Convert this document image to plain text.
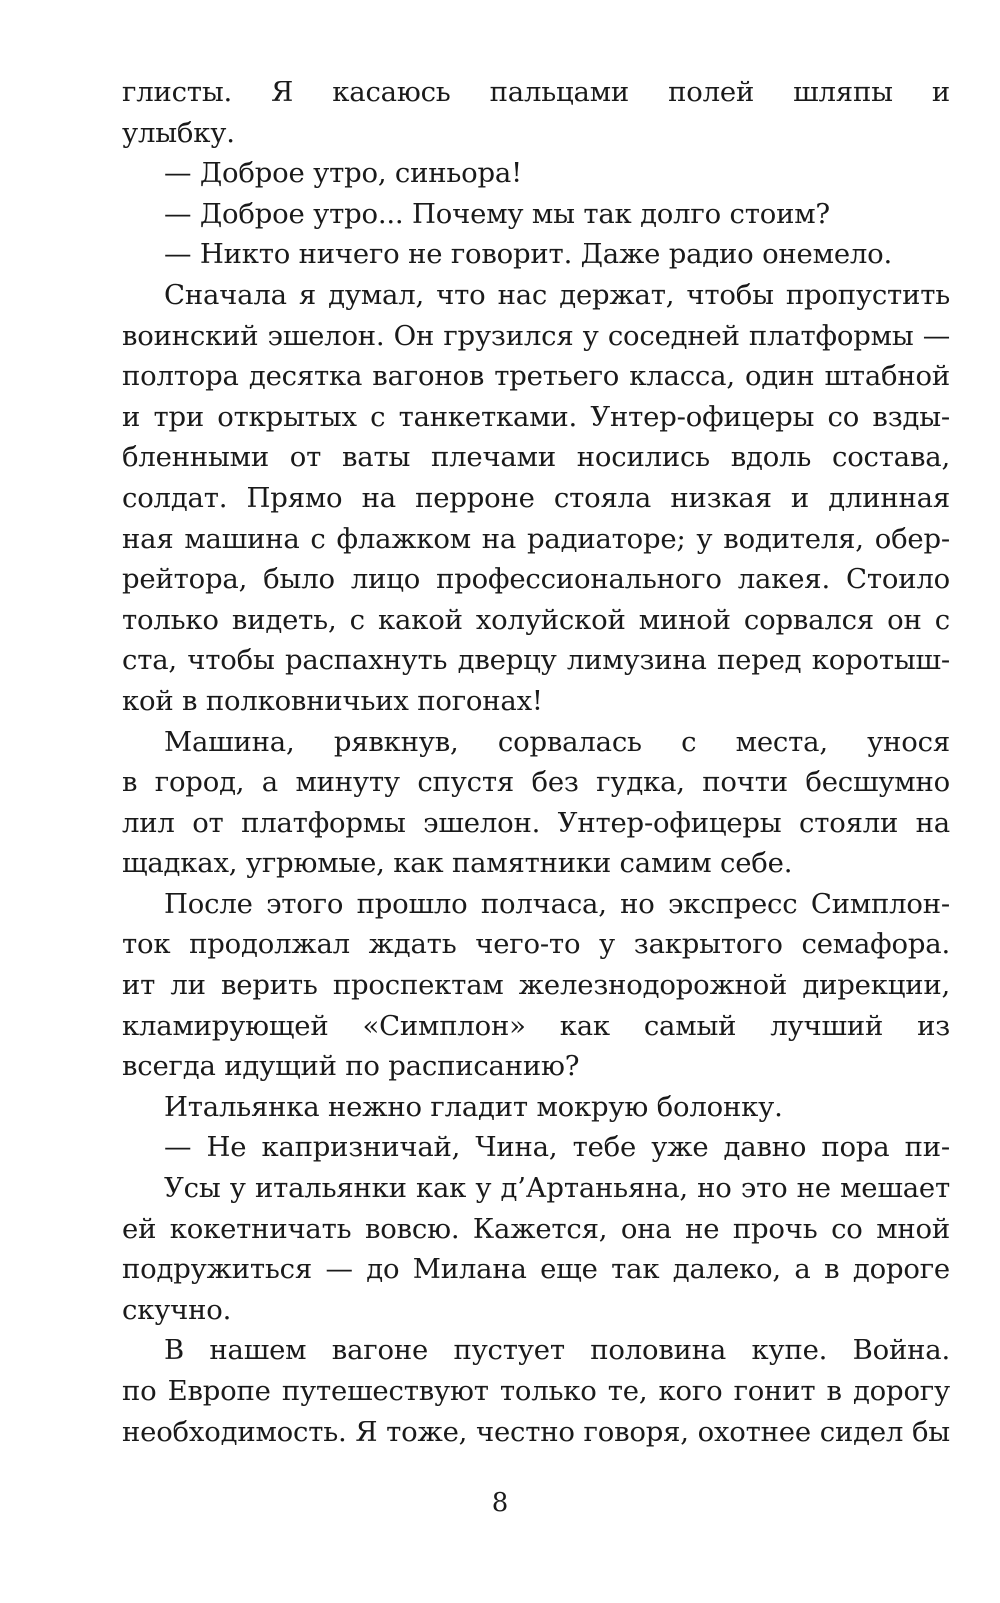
глисты. Я касаюсь пальцами полей шляпы и
улыбку.
— Доброе утро, синьора!
— Доброе утро... Почему мы так долго стоим?
— Никто ничего не говорит. Даже радио онемело.
Сначала я думал, что нас держат, чтобы пропустить
воинский эшелон. Он грузился у соседней платформы —
полтора десятка вагонов третьего класса, один штабной
и три открытых с танкетками. Унтер-офицеры со взды-
бленными от ваты плечами носились вдоль состава,
солдат. Прямо на перроне стояла низкая и длинная
ная машина с флажком на радиаторе; у водителя, обер-
рейтора, было лицо профессионального лакея. Стоило
только видеть, с какой холуйской миной сорвался он с
ста, чтобы распахнуть дверцу лимузина перед коротыш-
кой в полковничьих погонах!
Машина, рявкнув, сорвалась с места, унося
в город, а минуту спустя без гудка, почти бесшумно
лил от платформы эшелон. Унтер-офицеры стояли на
щадках, угрюмые, как памятники самим себе.
После этого прошло полчаса, но экспресс Симплон-
ток продолжал ждать чего-то у закрытого семафора.
ит ли верить проспектам железнодорожной дирекции,
кламирующей «Симплон» как самый лучший из
всегда идущий по расписанию?
Итальянка нежно гладит мокрую болонку.
— Не капризничай, Чина, тебе уже давно пора пи-
Усы у итальянки как у д’Артаньяна, но это не мешает
ей кокетничать вовсю. Кажется, она не прочь со мной
подружиться — до Милана еще так далеко, а в дороге
скучно.
В нашем вагоне пустует половина купе. Война.
по Европе путешествуют только те, кого гонит в дорогу
необходимость. Я тоже, честно говоря, охотнее сидел бы
8
